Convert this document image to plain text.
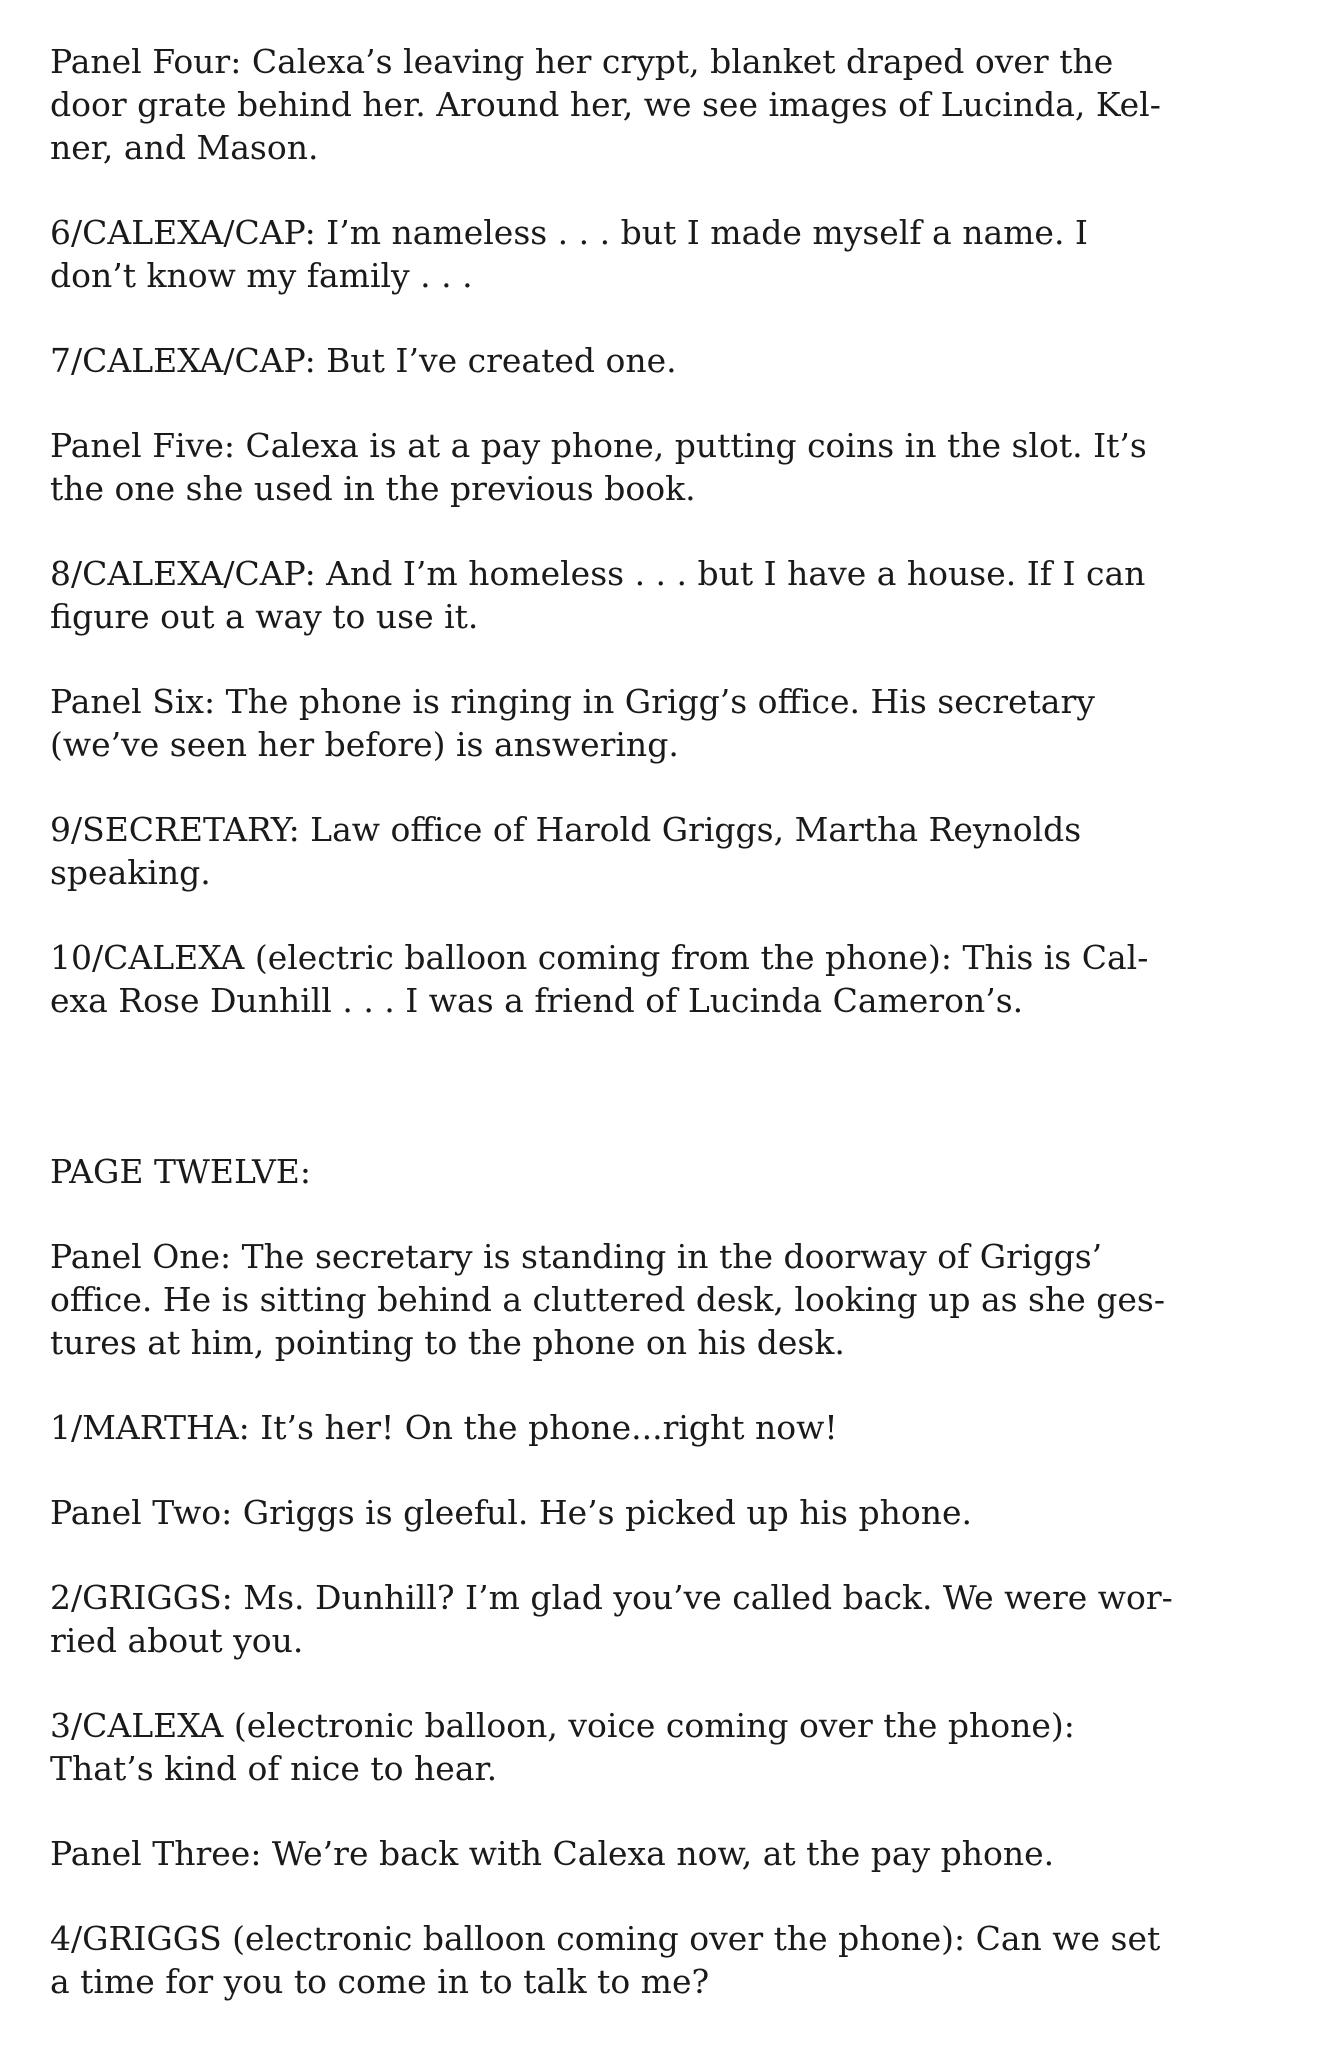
Panel Four: Calexa’s leaving her crypt, blanket draped over the door grate behind her. Around her, we see images of Lucinda, Kel-ner, and Mason.

6/CALEXA/CAP: I’m nameless . . . but I made myself a name. I don’t know my family . . .

7/CALEXA/CAP: But I’ve created one.

Panel Five: Calexa is at a pay phone, putting coins in the slot. It’s the one she used in the previous book.

8/CALEXA/CAP: And I’m homeless . . . but I have a house. If I can figure out a way to use it.

Panel Six: The phone is ringing in Grigg’s office. His secretary (we’ve seen her before) is answering.

9/SECRETARY: Law office of Harold Griggs, Martha Reynolds speaking.

10/CALEXA (electric balloon coming from the phone): This is Cal-exa Rose Dunhill . . . I was a friend of Lucinda Cameron’s.

PAGE TWELVE:

Panel One: The secretary is standing in the doorway of Griggs’ office. He is sitting behind a cluttered desk, looking up as she ges-tures at him, pointing to the phone on his desk.

1/MARTHA: It’s her! On the phone...right now!

Panel Two: Griggs is gleeful. He’s picked up his phone.

2/GRIGGS: Ms. Dunhill? I’m glad you’ve called back. We were wor-ried about you.

3/CALEXA (electronic balloon, voice coming over the phone): That’s kind of nice to hear.

Panel Three: We’re back with Calexa now, at the pay phone.

4/GRIGGS (electronic balloon coming over the phone): Can we set a time for you to come in to talk to me?
